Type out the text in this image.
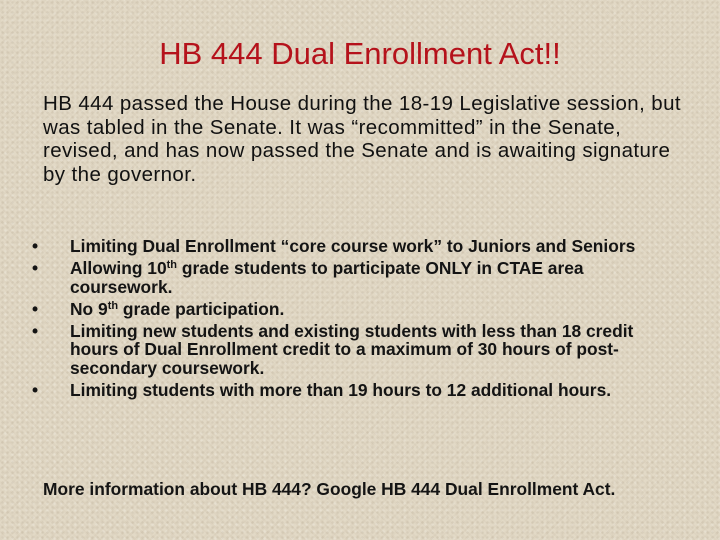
HB 444 Dual Enrollment Act!!

HB 444 passed the House during the 18-19 Legislative session, but was tabled in the Senate. It was “recommitted” in the Senate, revised, and has now passed the Senate and is awaiting signature by the governor.

• Limiting Dual Enrollment “core course work” to Juniors and Seniors
• Allowing 10th grade students to participate ONLY in CTAE area coursework.
• No 9th grade participation.
• Limiting new students and existing students with less than 18 credit hours of Dual Enrollment credit to a maximum of 30 hours of post-secondary coursework.
• Limiting students with more than 19 hours to 12 additional hours.

More information about HB 444? Google HB 444 Dual Enrollment Act.
